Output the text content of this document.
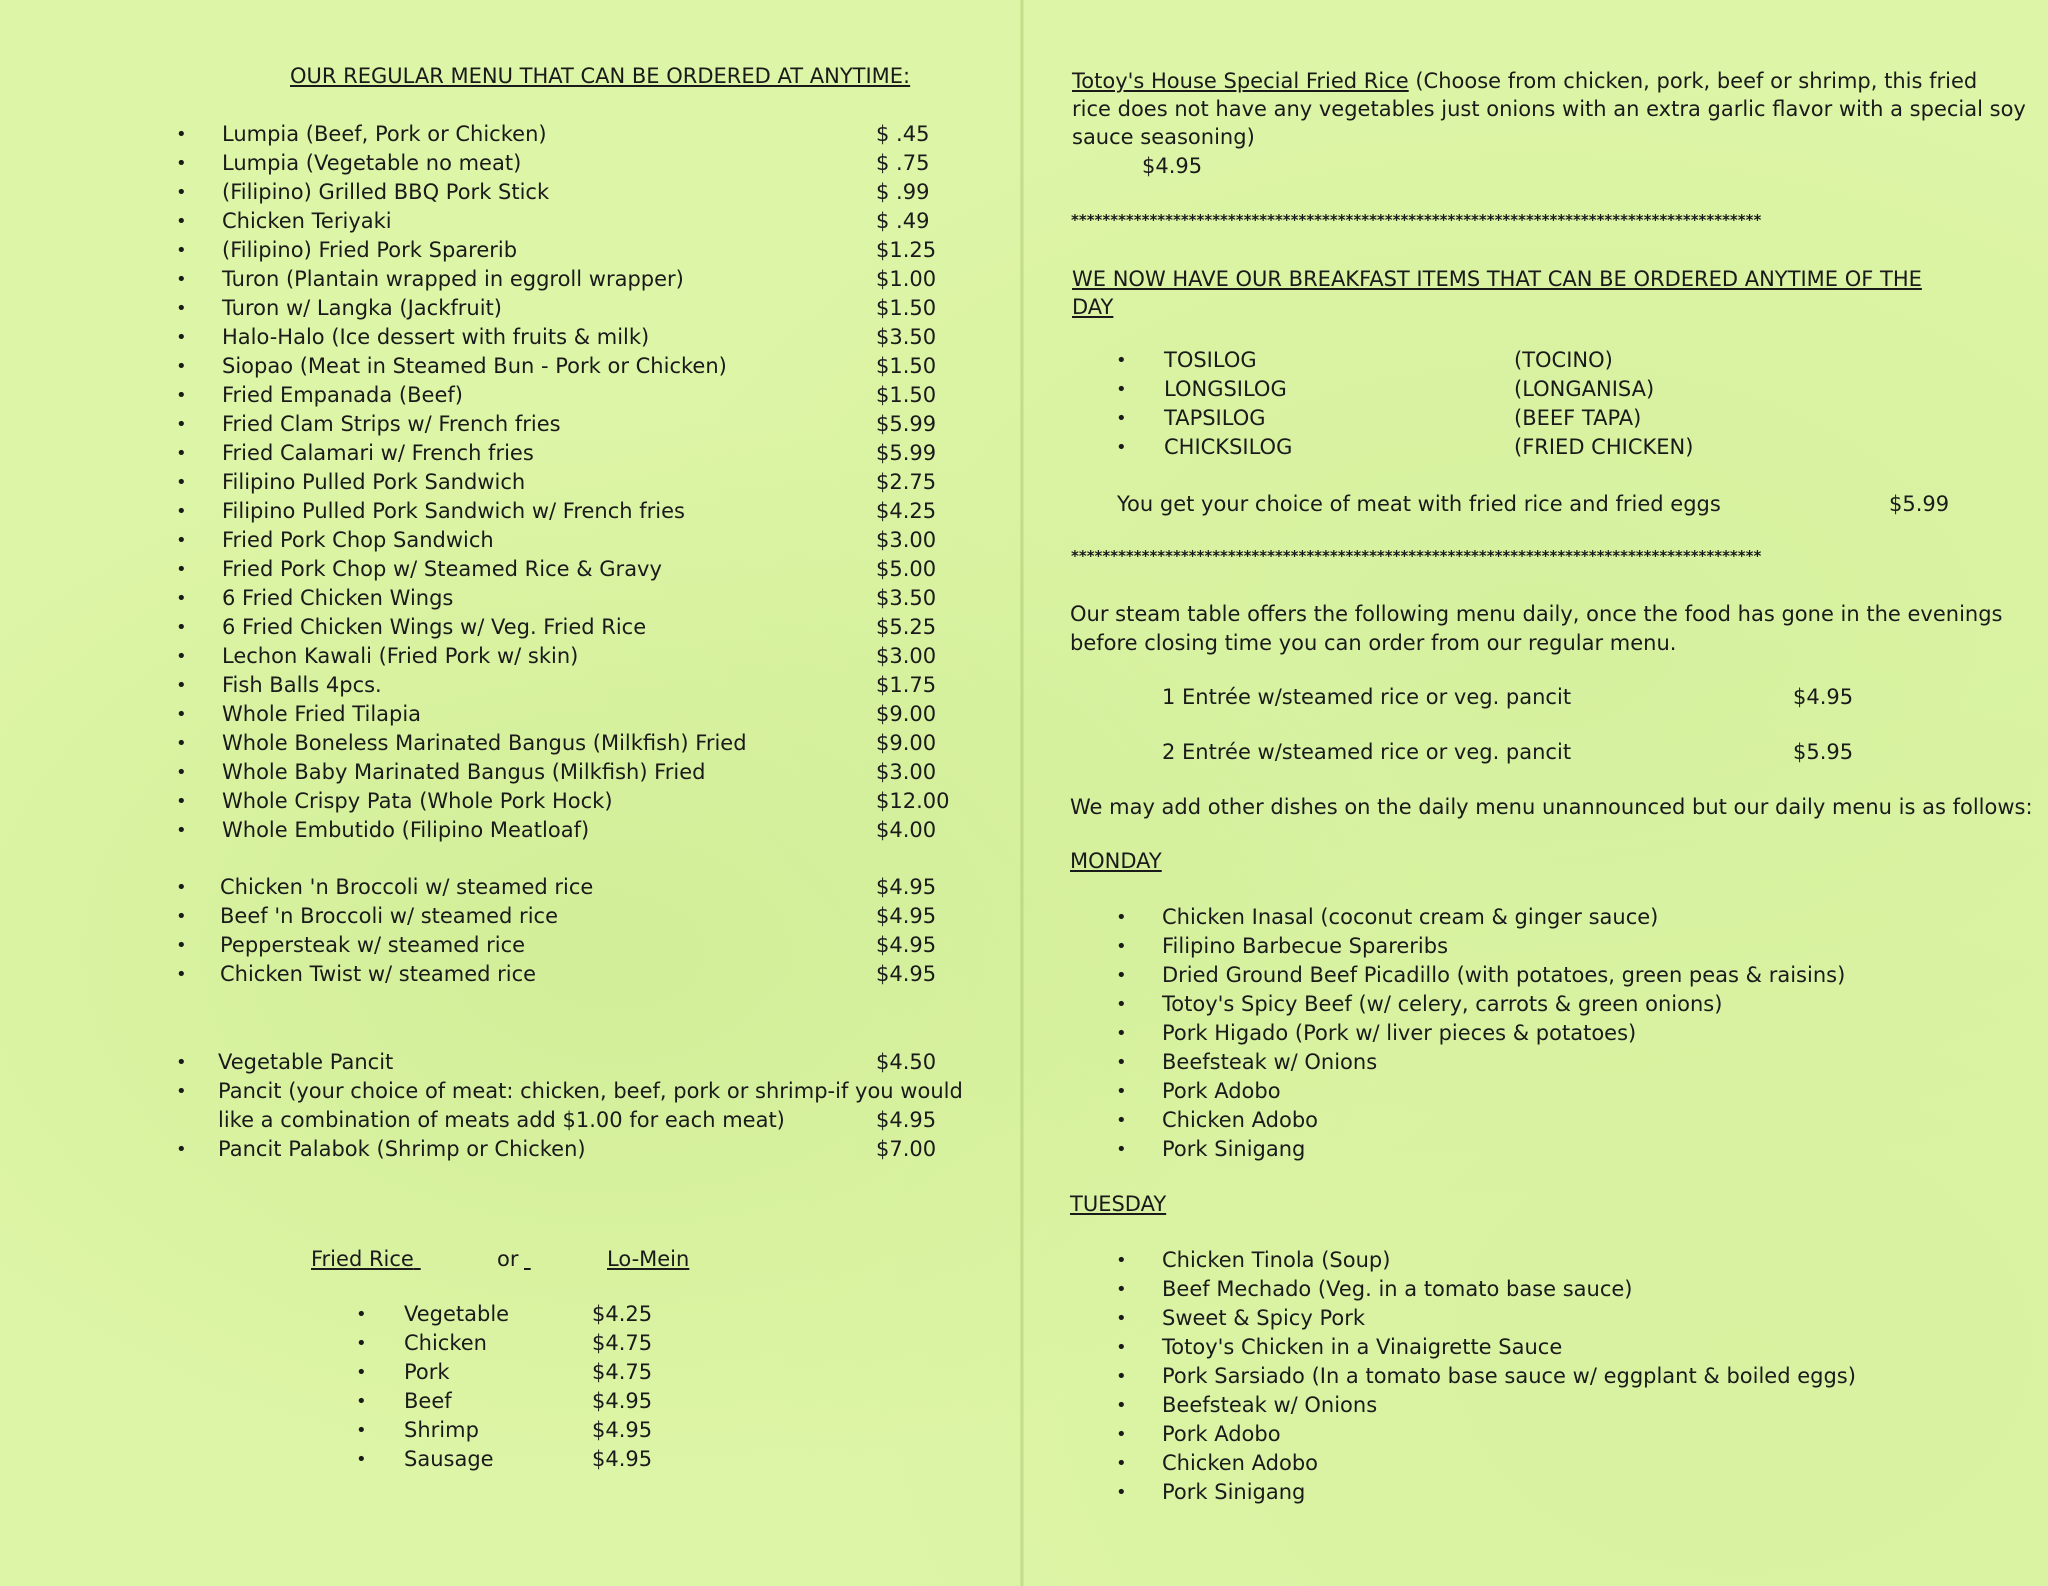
OUR REGULAR MENU THAT CAN BE ORDERED AT ANYTIME:
• Lumpia (Beef, Pork or Chicken)	$ .45
• Lumpia (Vegetable no meat)	$ .75
• (Filipino) Grilled BBQ Pork Stick	$ .99
• Chicken Teriyaki	$ .49
• (Filipino) Fried Pork Sparerib	$1.25
• Turon (Plantain wrapped in eggroll wrapper)	$1.00
• Turon w/ Langka (Jackfruit)	$1.50
• Halo-Halo (Ice dessert with fruits & milk)	$3.50
• Siopao (Meat in Steamed Bun - Pork or Chicken)	$1.50
• Fried Empanada (Beef)	$1.50
• Fried Clam Strips w/ French fries	$5.99
• Fried Calamari w/ French fries	$5.99
• Filipino Pulled Pork Sandwich	$2.75
• Filipino Pulled Pork Sandwich w/ French fries	$4.25
• Fried Pork Chop Sandwich	$3.00
• Fried Pork Chop w/ Steamed Rice & Gravy	$5.00
• 6 Fried Chicken Wings	$3.50
• 6 Fried Chicken Wings w/ Veg. Fried Rice	$5.25
• Lechon Kawali (Fried Pork w/ skin)	$3.00
• Fish Balls 4pcs.	$1.75
• Whole Fried Tilapia	$9.00
• Whole Boneless Marinated Bangus (Milkfish) Fried	$9.00
• Whole Baby Marinated Bangus (Milkfish) Fried	$3.00
• Whole Crispy Pata (Whole Pork Hock)	$12.00
• Whole Embutido (Filipino Meatloaf)	$4.00
• Chicken 'n Broccoli w/ steamed rice	$4.95
• Beef 'n Broccoli w/ steamed rice	$4.95
• Peppersteak w/ steamed rice	$4.95
• Chicken Twist w/ steamed rice	$4.95
• Vegetable Pancit	$4.50
• Pancit (your choice of meat: chicken, beef, pork or shrimp-if you would
like a combination of meats add $1.00 for each meat)	$4.95
• Pancit Palabok (Shrimp or Chicken)	$7.00
Fried Rice
	or
	Lo-Mein
• Vegetable	$4.25
• Chicken	$4.75
• Pork	$4.75
• Beef	$4.95
• Shrimp	$4.95
• Sausage	$4.95
Totoy's House Special Fried Rice (Choose from chicken, pork, beef or shrimp, this fried
rice does not have any vegetables just onions with an extra garlic flavor with a special soy
sauce seasoning)
$4.95
****************************************************************************************
WE NOW HAVE OUR BREAKFAST ITEMS THAT CAN BE ORDERED ANYTIME OF THE
DAY
• TOSILOG	(TOCINO)
• LONGSILOG	(LONGANISA)
• TAPSILOG	(BEEF TAPA)
• CHICKSILOG	(FRIED CHICKEN)
You get your choice of meat with fried rice and fried eggs	$5.99
****************************************************************************************
Our steam table offers the following menu daily, once the food has gone in the evenings
before closing time you can order from our regular menu.
1 Entrée w/steamed rice or veg. pancit	$4.95
2 Entrée w/steamed rice or veg. pancit	$5.95
We may add other dishes on the daily menu unannounced but our daily menu is as follows:
MONDAY
• Chicken Inasal (coconut cream & ginger sauce)
• Filipino Barbecue Spareribs
• Dried Ground Beef Picadillo (with potatoes, green peas & raisins)
• Totoy's Spicy Beef (w/ celery, carrots & green onions)
• Pork Higado (Pork w/ liver pieces & potatoes)
• Beefsteak w/ Onions
• Pork Adobo
• Chicken Adobo
• Pork Sinigang
TUESDAY
• Chicken Tinola (Soup)
• Beef Mechado (Veg. in a tomato base sauce)
• Sweet & Spicy Pork
• Totoy's Chicken in a Vinaigrette Sauce
• Pork Sarsiado (In a tomato base sauce w/ eggplant & boiled eggs)
• Beefsteak w/ Onions
• Pork Adobo
• Chicken Adobo
• Pork Sinigang
